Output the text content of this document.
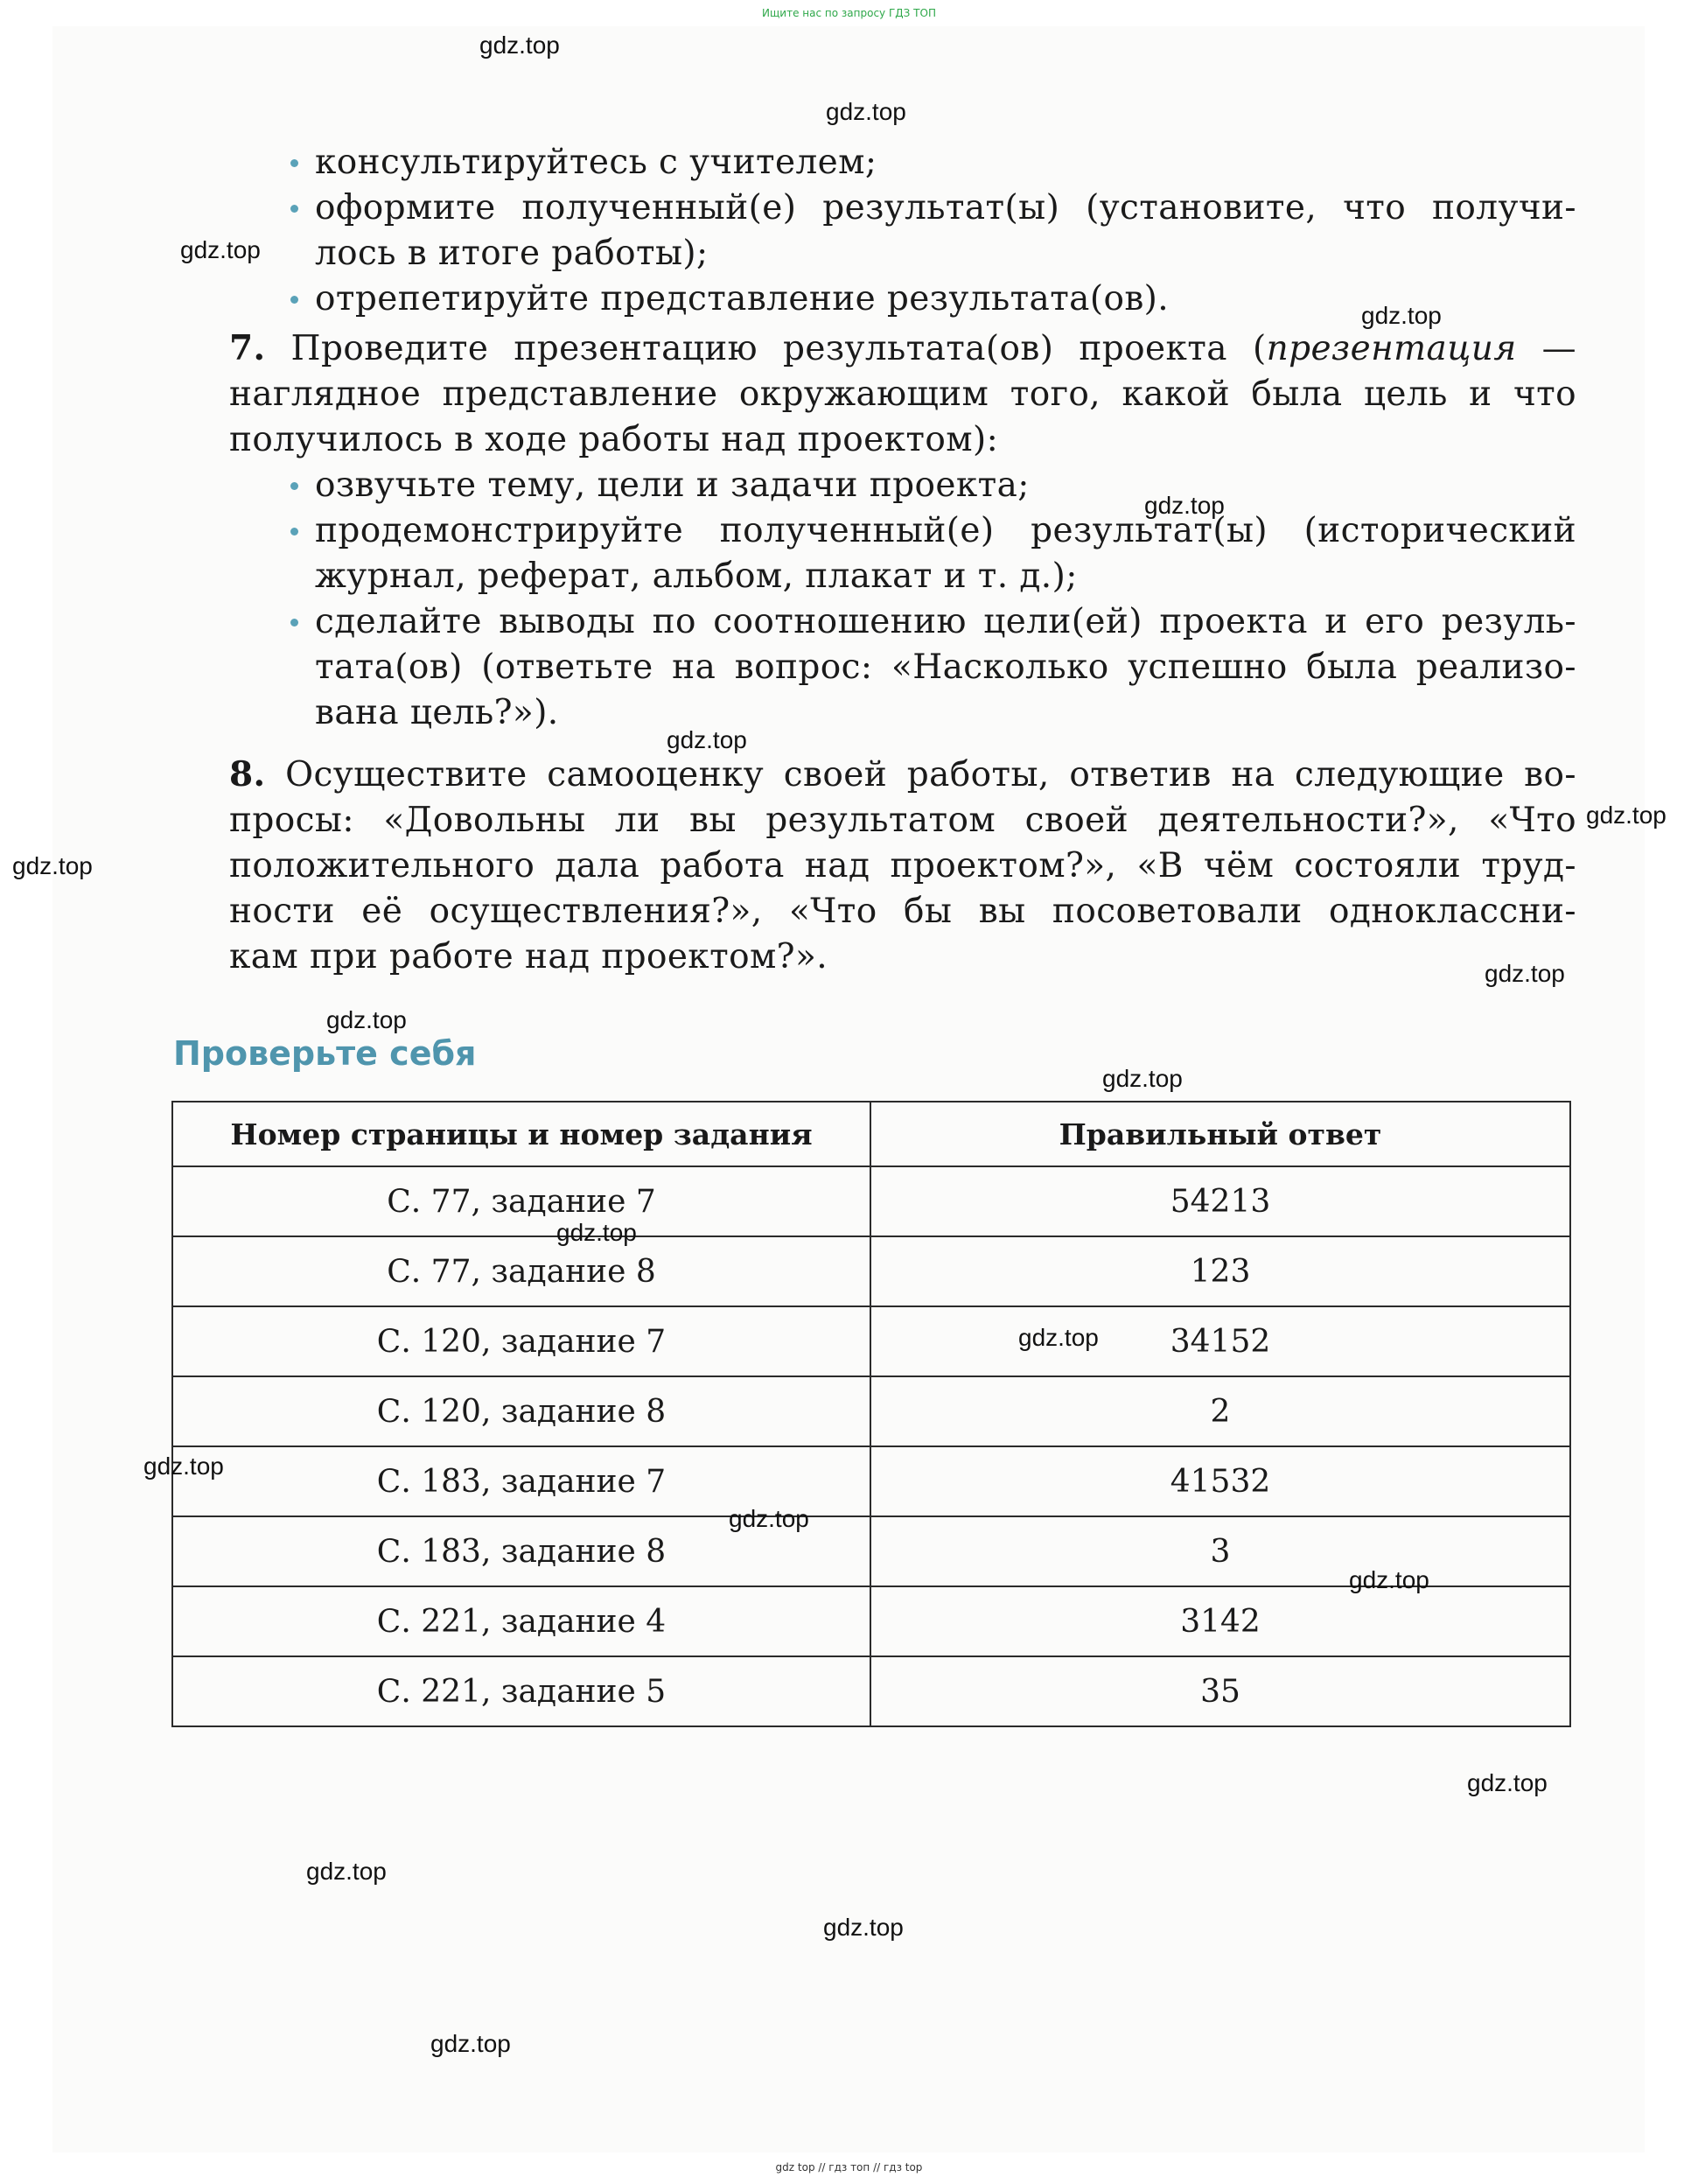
Ищите нас по запросу ГДЗ ТОП
консультируйтесь с учителем;
оформите полученный(е) результат(ы) (установите, что получи-
лось в итоге работы);
отрепетируйте представление результата(ов).
7. Проведите презентацию результата(ов) проекта (презентация —
наглядное представление окружающим того, какой была цель и что
получилось в ходе работы над проектом):
озвучьте тему, цели и задачи проекта;
продемонстрируйте полученный(е) результат(ы) (исторический
журнал, реферат, альбом, плакат и т. д.);
сделайте выводы по соотношению цели(ей) проекта и его резуль-
тата(ов) (ответьте на вопрос: «Насколько успешно была реализо-
вана цель?»).
8. Осуществите самооценку своей работы, ответив на следующие во-
просы: «Довольны ли вы результатом своей деятельности?», «Что
положительного дала работа над проектом?», «В чём состояли труд-
ности её осуществления?», «Что бы вы посоветовали одноклассни-
кам при работе над проектом?».
Проверьте себя
Номер страницы и номер задания	Правильный ответ
С. 77, задание 7	54213
С. 77, задание 8	123
С. 120, задание 7	34152
С. 120, задание 8	2
С. 183, задание 7	41532
С. 183, задание 8	3
С. 221, задание 4	3142
С. 221, задание 5	35
gdz.top
gdz.top
gdz.top
gdz.top
gdz.top
gdz.top
gdz.top
gdz.top
gdz.top
gdz.top
gdz.top
gdz.top
gdz.top
gdz.top
gdz.top
gdz.top
gdz.top
gdz.top
gdz.top
gdz.top
gdz top // гдз топ // гдз top
